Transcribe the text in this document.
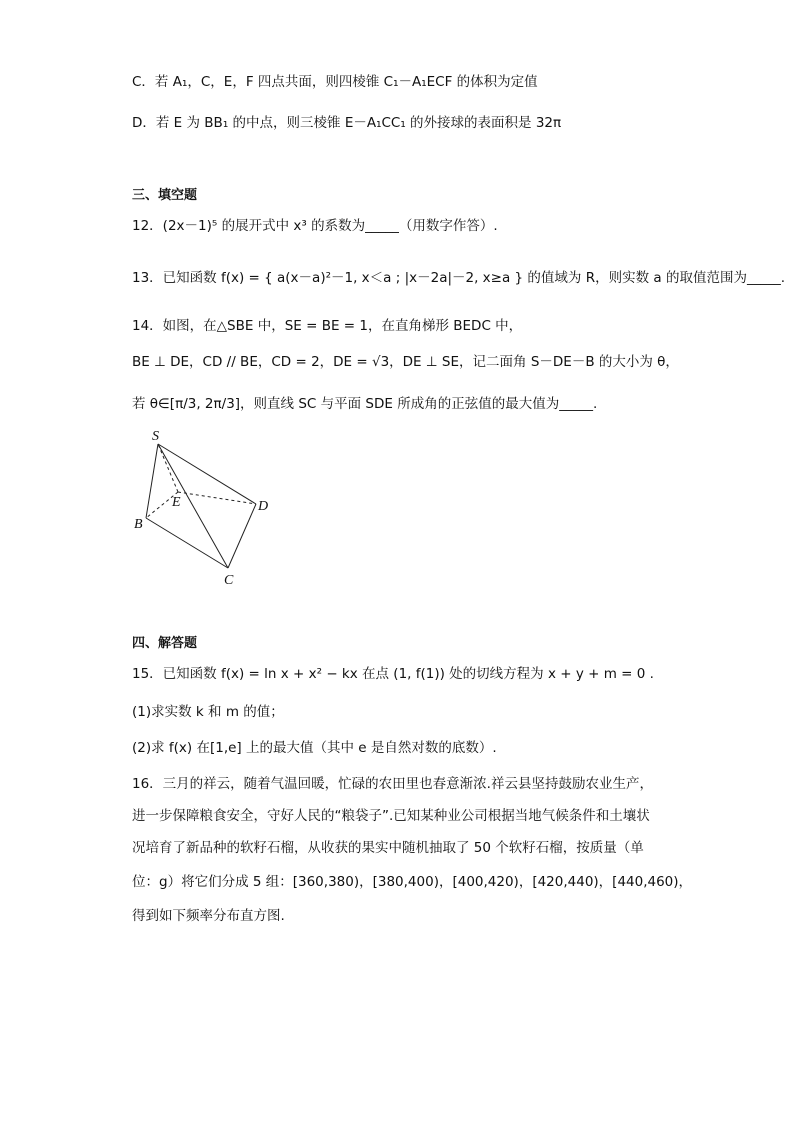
C．若 A₁，C，E，F 四点共面，则四棱锥 C₁－A₁ECF 的体积为定值
D．若 E 为 BB₁ 的中点，则三棱锥 E－A₁CC₁ 的外接球的表面积是 32π
三、填空题
12．(2x－1)⁵ 的展开式中 x³ 的系数为_____（用数字作答）.
13．已知函数 f(x) = { a(x－a)²－1, x＜a ; |x－2a|－2, x≥a } 的值域为 R，则实数 a 的取值范围为_____.
14．如图，在△SBE 中，SE = BE = 1，在直角梯形 BEDC 中，
BE ⊥ DE，CD // BE，CD = 2，DE = √3，DE ⊥ SE，记二面角 S－DE－B 的大小为 θ，
若 θ∈[π/3, 2π/3]，则直线 SC 与平面 SDE 所成角的正弦值的最大值为_____.
S
E	D
B
C
四、解答题
15．已知函数 f(x) = ln x + x² − kx 在点 (1, f(1)) 处的切线方程为 x + y + m = 0 .
(1)求实数 k 和 m 的值；
(2)求 f(x) 在[1,e] 上的最大值（其中 e 是自然对数的底数）.
16．三月的祥云，随着气温回暖，忙碌的农田里也春意渐浓.祥云县坚持鼓励农业生产，
进一步保障粮食安全，守好人民的“粮袋子”.已知某种业公司根据当地气候条件和土壤状
况培育了新品种的软籽石榴，从收获的果实中随机抽取了 50 个软籽石榴，按质量（单
位：g）将它们分成 5 组：[360,380)，[380,400)，[400,420)，[420,440)，[440,460)，
得到如下频率分布直方图.
